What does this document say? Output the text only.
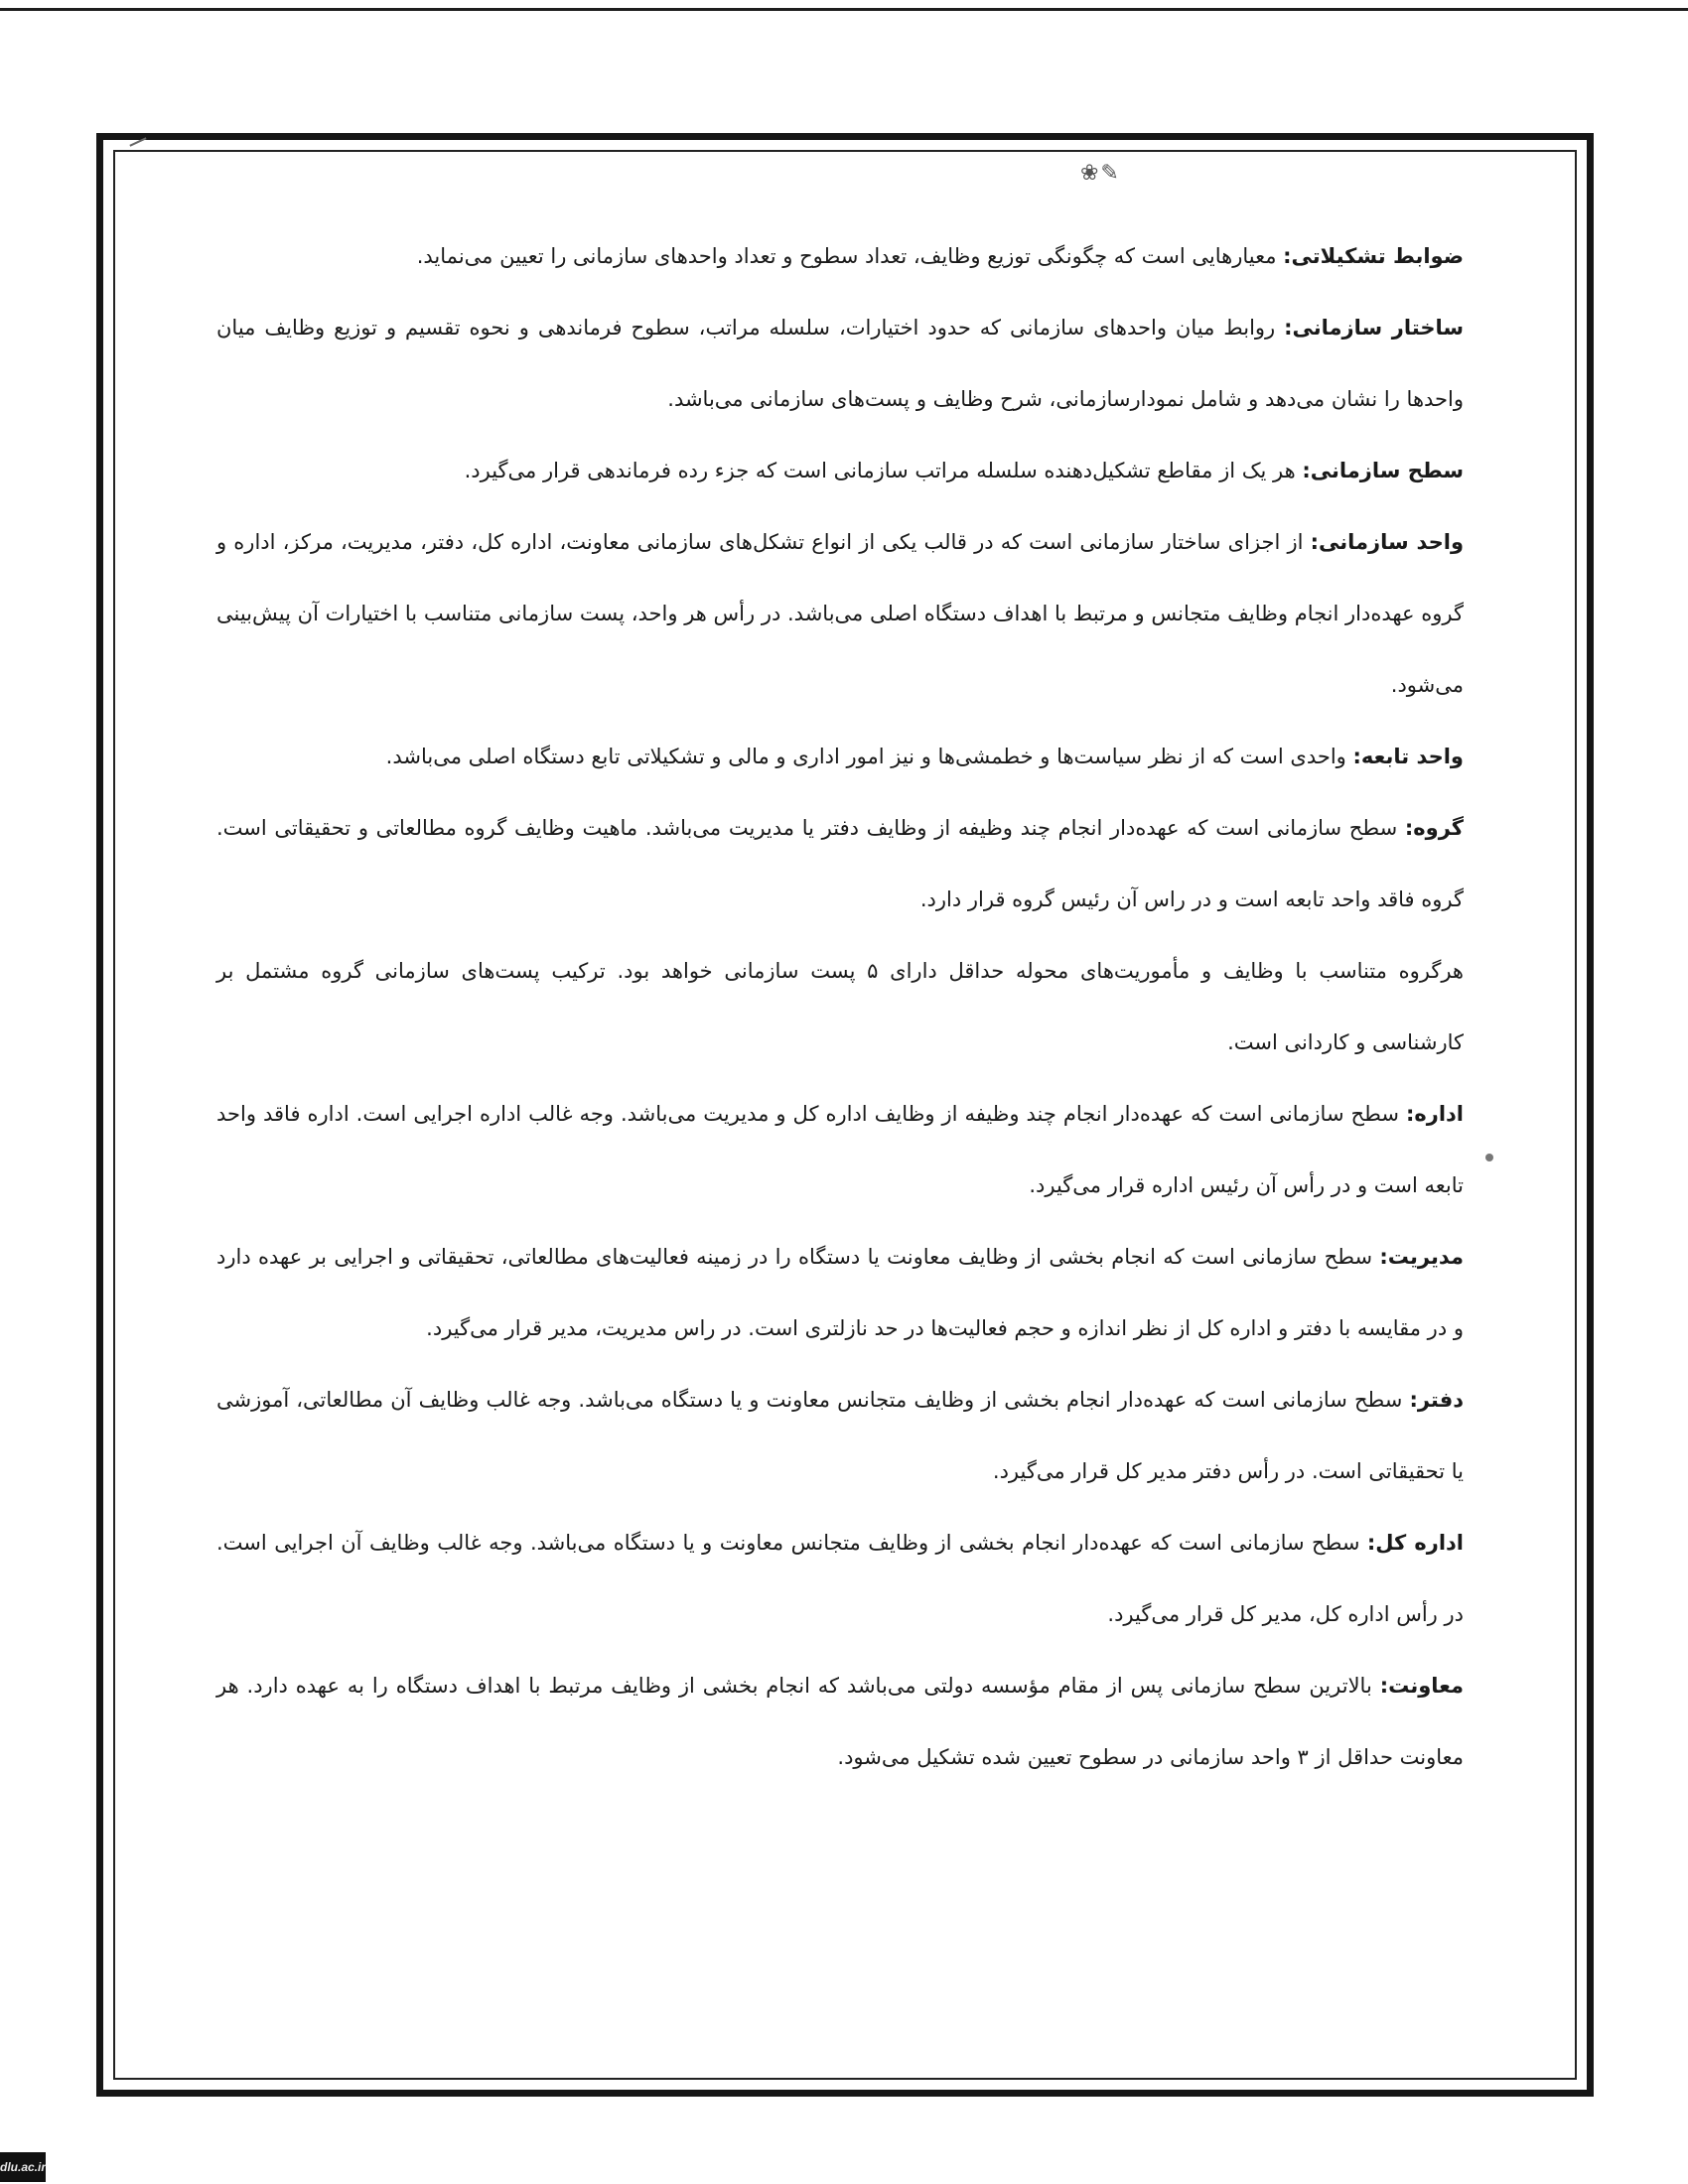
✎❀

ضوابط تشکیلاتی: معیارهایی است که چگونگی توزیع وظایف، تعداد سطوح و تعداد واحدهای سازمانی را تعیین می‌نماید.

ساختار سازمانی: روابط میان واحدهای سازمانی که حدود اختیارات، سلسله مراتب، سطوح فرماندهی و نحوه تقسیم و توزیع وظایف میان واحدها را نشان می‌دهد و شامل نمودارسازمانی، شرح وظایف و پست‌های سازمانی می‌باشد.

سطح سازمانی: هر یک از مقاطع تشکیل‌دهنده سلسله مراتب سازمانی است که جزء رده فرماندهی قرار می‌گیرد.

واحد سازمانی: از اجزای ساختار سازمانی است که در قالب یکی از انواع تشکل‌های سازمانی معاونت، اداره کل، دفتر، مدیریت، مرکز، اداره و گروه عهده‌دار انجام وظایف متجانس و مرتبط با اهداف دستگاه اصلی می‌باشد. در رأس هر واحد، پست سازمانی متناسب با اختیارات آن پیش‌بینی می‌شود.

واحد تابعه: واحدی است که از نظر سیاست‌ها و خطمشی‌ها و نیز امور اداری و مالی و تشکیلاتی تابع دستگاه اصلی می‌باشد.

گروه: سطح سازمانی است که عهده‌دار انجام چند وظیفه از وظایف دفتر یا مدیریت می‌باشد. ماهیت وظایف گروه مطالعاتی و تحقیقاتی است. گروه فاقد واحد تابعه است و در راس آن رئیس گروه قرار دارد.

هرگروه متناسب با وظایف و مأموریت‌های محوله حداقل دارای ۵ پست سازمانی خواهد بود. ترکیب پست‌های سازمانی گروه مشتمل بر کارشناسی و کاردانی است.

اداره: سطح سازمانی است که عهده‌دار انجام چند وظیفه از وظایف اداره کل و مدیریت می‌باشد. وجه غالب اداره اجرایی است. اداره فاقد واحد تابعه است و در رأس آن رئیس اداره قرار می‌گیرد.

مدیریت: سطح سازمانی است که انجام بخشی از وظایف معاونت یا دستگاه را در زمینه فعالیت‌های مطالعاتی، تحقیقاتی و اجرایی بر عهده دارد و در مقایسه با دفتر و اداره کل از نظر اندازه و حجم فعالیت‌ها در حد نازلتری است. در راس مدیریت، مدیر قرار می‌گیرد.

دفتر: سطح سازمانی است که عهده‌دار انجام بخشی از وظایف متجانس معاونت و یا دستگاه می‌باشد. وجه غالب وظایف آن مطالعاتی، آموزشی یا تحقیقاتی است. در رأس دفتر مدیر کل قرار می‌گیرد.

اداره کل: سطح سازمانی است که عهده‌دار انجام بخشی از وظایف متجانس معاونت و یا دستگاه می‌باشد. وجه غالب وظایف آن اجرایی است. در رأس اداره کل، مدیر کل قرار می‌گیرد.

معاونت: بالاترین سطح سازمانی پس از مقام مؤسسه دولتی می‌باشد که انجام بخشی از وظایف مرتبط با اهداف دستگاه را به عهده دارد. هر معاونت حداقل از ۳ واحد سازمانی در سطوح تعیین شده تشکیل می‌شود.

dlu.ac.ir
